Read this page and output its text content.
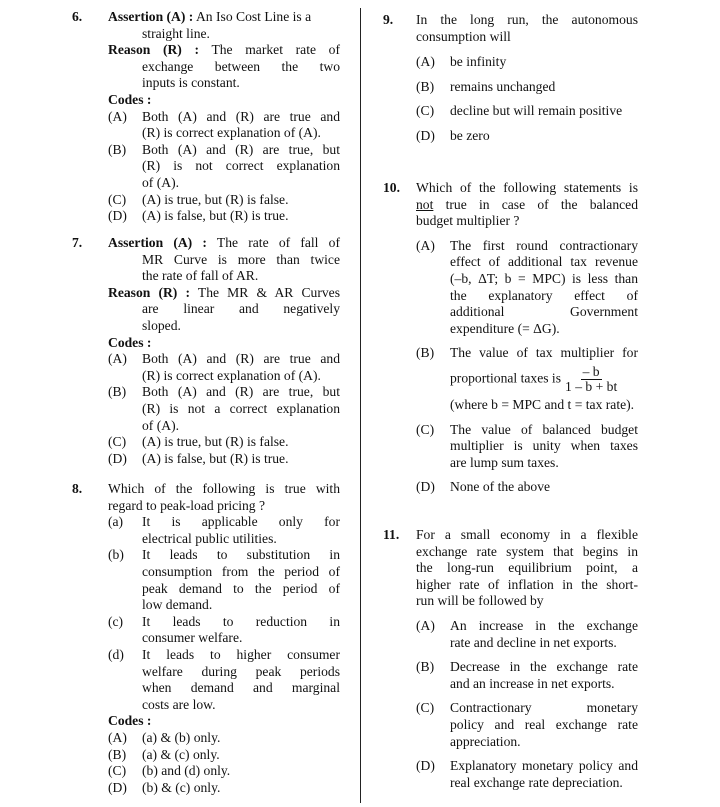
6. Assertion (A) : An Iso Cost Line is a
straight line.
Reason (R) : The market rate of
exchange between the two
inputs is constant.
Codes :
(A)	Both (A) and (R) are true and
(R) is correct explanation of (A).
(B)	Both (A) and (R) are true, but
(R) is not correct explanation
of (A).
(C)	(A) is true, but (R) is false.
(D)	(A) is false, but (R) is true.
7. Assertion (A) : The rate of fall of
MR Curve is more than twice
the rate of fall of AR.
Reason (R) : The MR & AR Curves
are linear and negatively
sloped.
Codes :
(A)	Both (A) and (R) are true and
(R) is correct explanation of (A).
(B)	Both (A) and (R) are true, but
(R) is not a correct explanation
of (A).
(C)	(A) is true, but (R) is false.
(D)	(A) is false, but (R) is true.
8. Which of the following is true with
regard to peak-load pricing ?
(a)	It is applicable only for
electrical public utilities.
(b)	It leads to substitution in
consumption from the period of
peak demand to the period of
low demand.
(c)	It leads to reduction in
consumer welfare.
(d)	It leads to higher consumer
welfare during peak periods
when demand and marginal
costs are low.
Codes :
(A)	(a) & (b) only.
(B)	(a) & (c) only.
(C)	(b) and (d) only.
(D)	(b) & (c) only.
9. In the long run, the autonomous
consumption will
(A)	be infinity
(B)	remains unchanged
(C)	decline but will remain positive
(D)	be zero
10. Which of the following statements is
not true in case of the balanced
budget multiplier ?
(A)	The first round contractionary
effect of additional tax revenue
(–b, ΔT; b = MPC) is less than
the explanatory effect of
additional Government
expenditure (= ΔG).
(B)	The value of tax multiplier for
proportional taxes is $\frac{- b}{1 - b + bt}$
(where b = MPC and t = tax rate).
(C)	The value of balanced budget
multiplier is unity when taxes
are lump sum taxes.
(D)	None of the above
11. For a small economy in a flexible
exchange rate system that begins in
the long-run equilibrium point, a
higher rate of inflation in the short-
run will be followed by
(A)	An increase in the exchange
rate and decline in net exports.
(B)	Decrease in the exchange rate
and an increase in net exports.
(C)	Contractionary monetary
policy and real exchange rate
appreciation.
(D)	Explanatory monetary policy and
real exchange rate depreciation.
